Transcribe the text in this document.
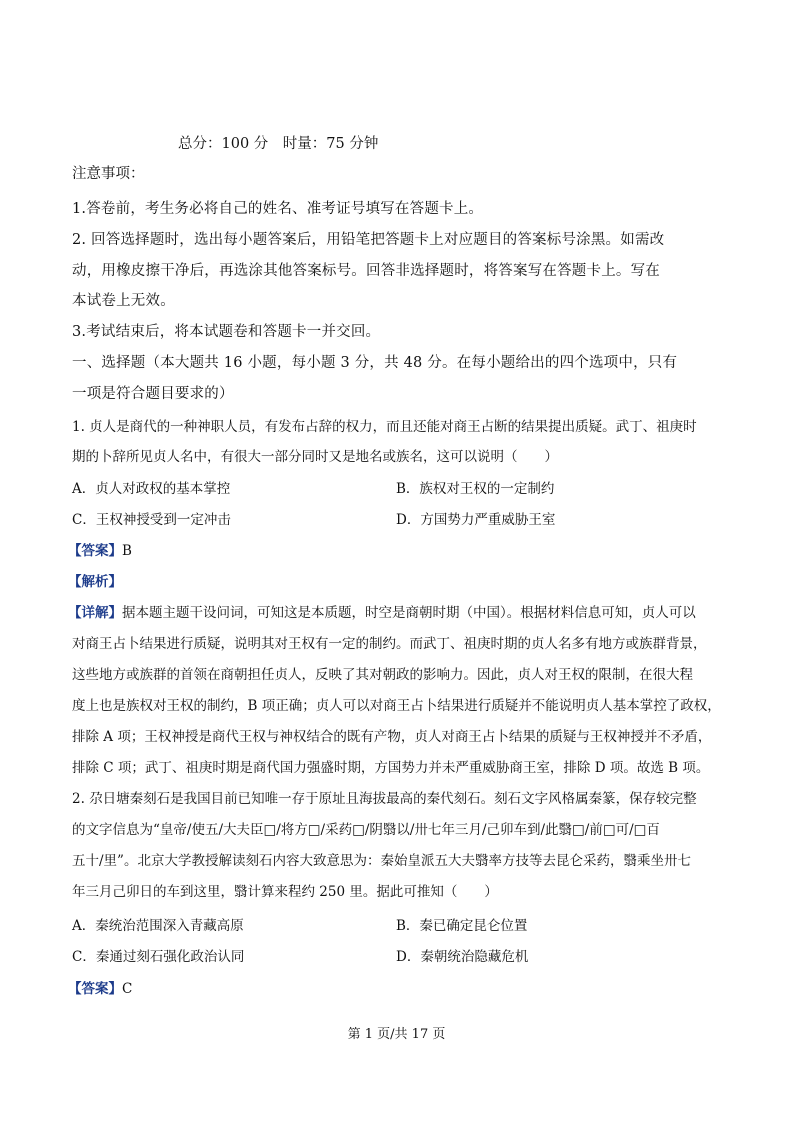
总分：100 分　时量：75 分钟
注意事项：
1.答卷前，考生务必将自己的姓名、准考证号填写在答题卡上。
2. 回答选择题时，选出每小题答案后，用铅笔把答题卡上对应题目的答案标号涂黑。如需改
动，用橡皮擦干净后，再选涂其他答案标号。回答非选择题时，将答案写在答题卡上。写在
本试卷上无效。
3.考试结束后，将本试题卷和答题卡一并交回。
一、选择题（本大题共 16 小题，每小题 3 分，共 48 分。在每小题给出的四个选项中，只有
一项是符合题目要求的）
1. 贞人是商代的一种神职人员，有发布占辞的权力，而且还能对商王占断的结果提出质疑。武丁、祖庚时
期的卜辞所见贞人名中，有很大一部分同时又是地名或族名，这可以说明（　　）
A．贞人对政权的基本掌控	B．族权对王权的一定制约
C．王权神授受到一定冲击	D．方国势力严重威胁王室
【答案】B
【解析】
【详解】据本题主题干设问词，可知这是本质题，时空是商朝时期（中国）。根据材料信息可知，贞人可以
对商王占卜结果进行质疑，说明其对王权有一定的制约。而武丁、祖庚时期的贞人名多有地方或族群背景，
这些地方或族群的首领在商朝担任贞人，反映了其对朝政的影响力。因此，贞人对王权的限制，在很大程
度上也是族权对王权的制约，B 项正确；贞人可以对商王占卜结果进行质疑并不能说明贞人基本掌控了政权，
排除 A 项；王权神授是商代王权与神权结合的既有产物，贞人对商王占卜结果的质疑与王权神授并不矛盾，
排除 C 项；武丁、祖庚时期是商代国力强盛时期，方国势力并未严重威胁商王室，排除 D 项。故选 B 项。
2. 尕日塘秦刻石是我国目前已知唯一存于原址且海拔最高的秦代刻石。刻石文字风格属秦篆，保存较完整
的文字信息为“皇帝/使五/大夫臣□/将方□/采药□/阴翳以/卅七年三月/己卯车到/此翳□/前□可/□百
五十/里”。北京大学教授解读刻石内容大致意思为：秦始皇派五大夫翳率方技等去昆仑采药，翳乘坐卅七
年三月己卯日的车到这里，翳计算来程约 250 里。据此可推知（　　）
A．秦统治范围深入青藏高原	B．秦已确定昆仑位置
C．秦通过刻石强化政治认同	D．秦朝统治隐藏危机
【答案】C
第 1 页/共 17 页
